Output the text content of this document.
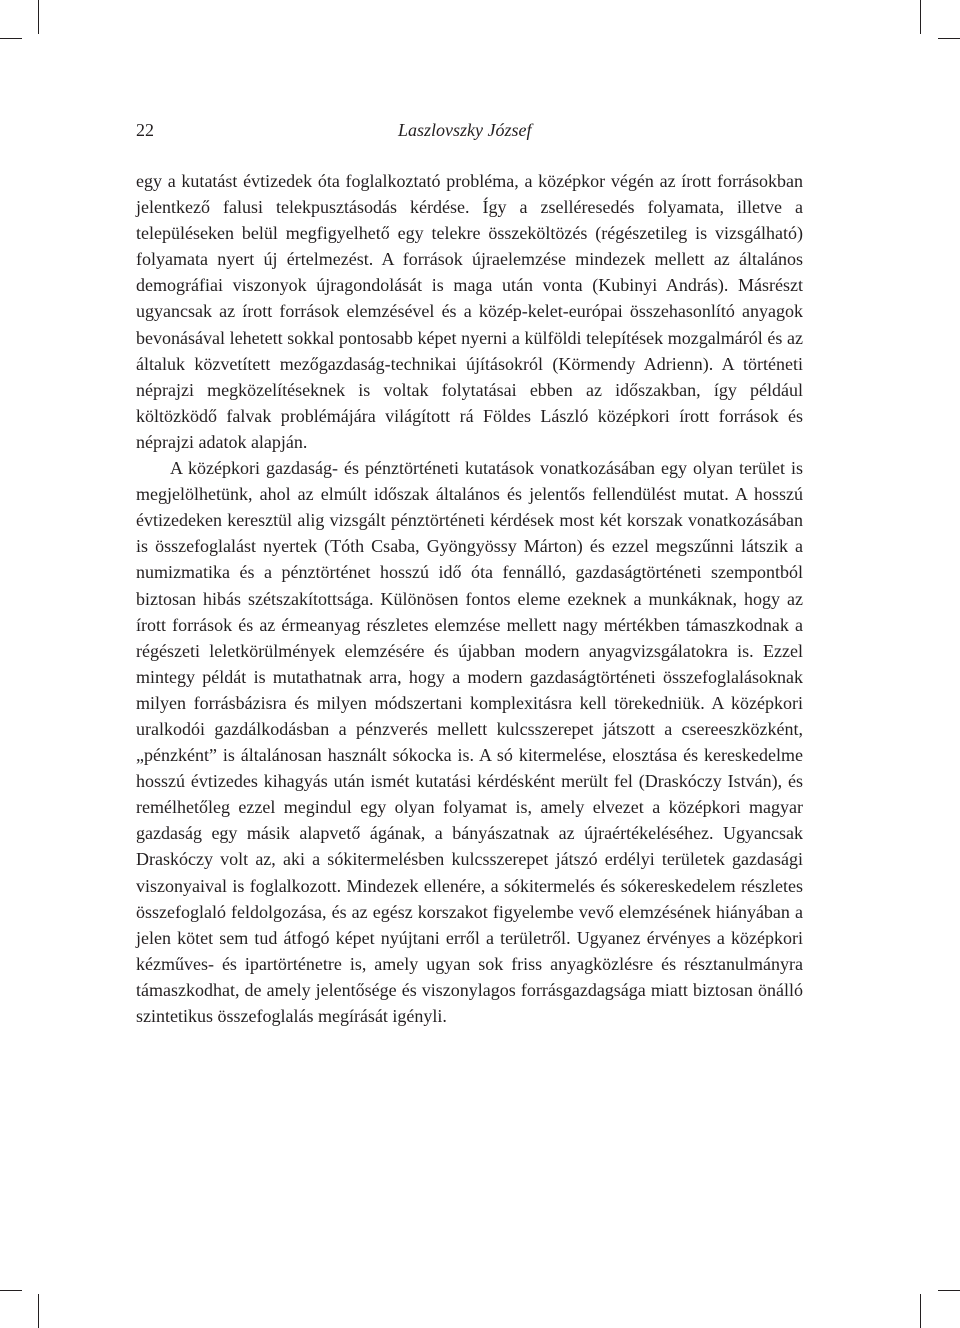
22	Laszlovszky József

egy a kutatást évtizedek óta foglalkoztató probléma, a középkor végén az írott forrásokban jelentkező falusi telekpusztásodás kérdése. Így a zselléresedés folyamata, illetve a településeken belül megfigyelhető egy telekre összeköltözés (régészetileg is vizsgálható) folyamata nyert új értelmezést. A források újraelemzése mindezek mellett az általános demográfiai viszonyok újragondolását is maga után vonta (Kubinyi András). Másrészt ugyancsak az írott források elemzésével és a közép-kelet-európai összehasonlító anyagok bevonásával lehetett sokkal pontosabb képet nyerni a külföldi telepítések mozgalmáról és az általuk közvetített mezőgazdaság-technikai újításokról (Körmendy Adrienn). A történeti néprajzi megközelítéseknek is voltak folytatásai ebben az időszakban, így például költözködő falvak problémájára világított rá Földes László középkori írott források és néprajzi adatok alapján.

A középkori gazdaság- és pénztörténeti kutatások vonatkozásában egy olyan terület is megjelölhetünk, ahol az elmúlt időszak általános és jelentős fellendülést mutat. A hosszú évtizedeken keresztül alig vizsgált pénztörténeti kérdések most két korszak vonatkozásában is összefoglalást nyertek (Tóth Csaba, Gyöngyössy Márton) és ezzel megszűnni látszik a numizmatika és a pénztörténet hosszú idő óta fennálló, gazdaságtörténeti szempontból biztosan hibás szétszakítottsága. Különösen fontos eleme ezeknek a munkáknak, hogy az írott források és az érmeanyag részletes elemzése mellett nagy mértékben támaszkodnak a régészeti leletkörülmények elemzésére és újabban modern anyagvizsgálatokra is. Ezzel mintegy példát is mutathatnak arra, hogy a modern gazdaságtörténeti összefoglalásoknak milyen forrásbázisra és milyen módszertani komplexitásra kell törekedniük. A középkori uralkodói gazdálkodásban a pénzverés mellett kulcsszerepet játszott a csereeszközként, „pénzként” is általánosan használt sókocka is. A só kitermelése, elosztása és kereskedelme hosszú évtizedes kihagyás után ismét kutatási kérdésként merült fel (Draskóczy István), és remélhetőleg ezzel megindul egy olyan folyamat is, amely elvezet a középkori magyar gazdaság egy másik alapvető ágának, a bányászatnak az újraértékeléséhez. Ugyancsak Draskóczy volt az, aki a sókitermelésben kulcsszerepet játszó erdélyi területek gazdasági viszonyaival is foglalkozott. Mindezek ellenére, a sókitermelés és sókereskedelem részletes összefoglaló feldolgozása, és az egész korszakot figyelembe vevő elemzésének hiányában a jelen kötet sem tud átfogó képet nyújtani erről a területről. Ugyanez érvényes a középkori kézműves- és ipartörténetre is, amely ugyan sok friss anyagközlésre és résztanulmányra támaszkodhat, de amely jelentősége és viszonylagos forrásgazdagsága miatt biztosan önálló szintetikus összefoglalás megírását igényli.
